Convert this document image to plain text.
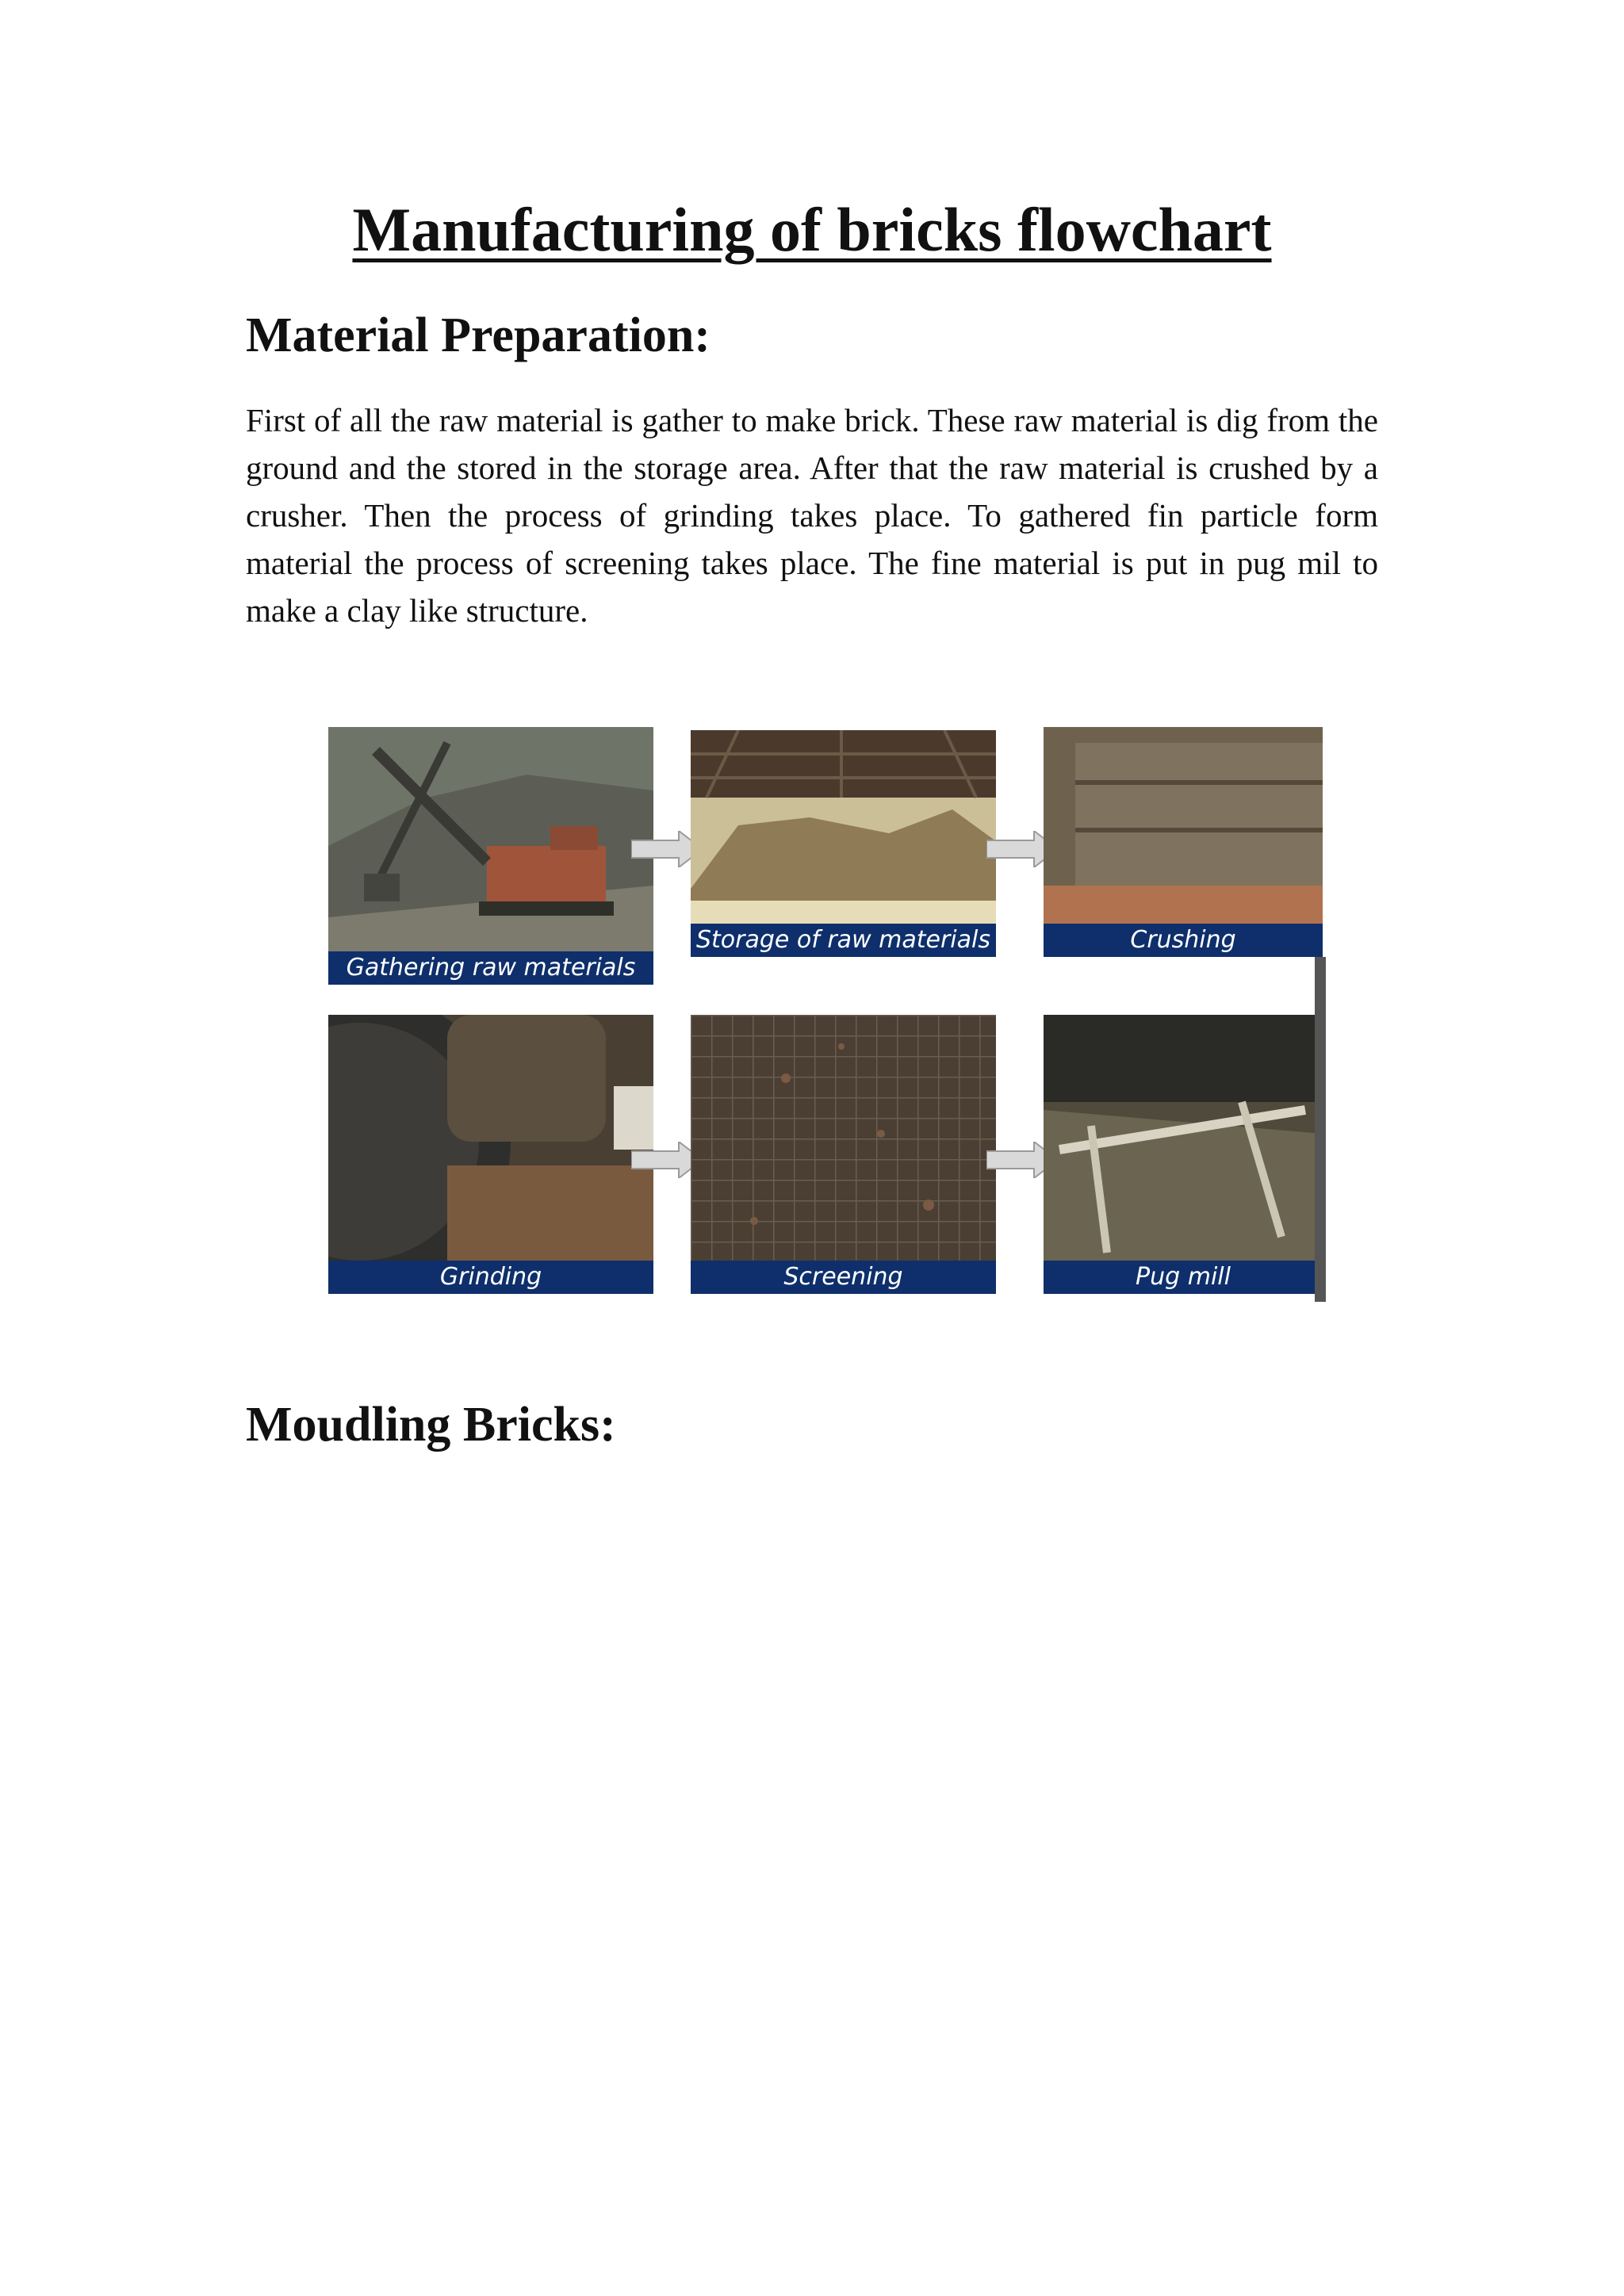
Manufacturing of bricks flowchart
Material Preparation:

First of all the raw material is gather to make brick. These raw material is dig from the ground and the stored in the storage area. After that the raw material is crushed by a crusher. Then the process of grinding takes place. To gathered fin particle form material the process of screening takes place. The fine material is put in pug mil to make a clay like structure.

Gathering raw materials
Storage of raw materials	Crushing
Grinding	Screening	Pug mill
Moudling Bricks:
